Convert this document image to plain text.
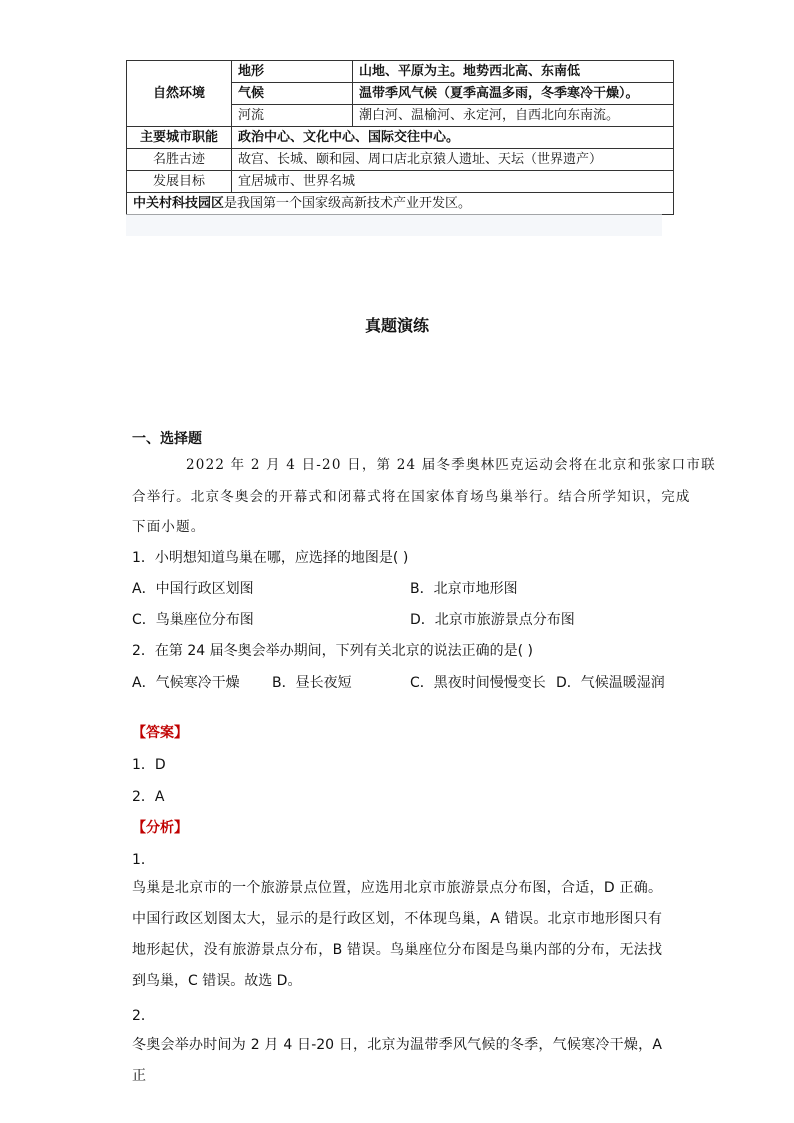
自然环境	地形	山地、平原为主。地势西北高、东南低
	气候	温带季风气候（夏季高温多雨，冬季寒冷干燥）。
	河流	潮白河、温榆河、永定河，自西北向东南流。
主要城市职能	政治中心、文化中心、国际交往中心。	
名胜古迹	故宫、长城、颐和园、周口店北京猿人遗址、天坛（世界遗产）	
发展目标	宜居城市、世界名城	
中关村科技园区是我国第一个国家级高新技术产业开发区。		
真题演练
一、选择题
2022 年 2 月 4 日-20 日，第 24 届冬季奥林匹克运动会将在北京和张家口市联
合举行。北京冬奥会的开幕式和闭幕式将在国家体育场鸟巢举行。结合所学知识，完成
下面小题。
1．小明想知道鸟巢在哪，应选择的地图是( )
A．中国行政区划图	B．北京市地形图
C．鸟巢座位分布图	D．北京市旅游景点分布图
2．在第 24 届冬奥会举办期间，下列有关北京的说法正确的是( )
A．气候寒冷干燥 B．昼长夜短	C．黑夜时间慢慢变长 D．气候温暖湿润
【答案】
1．D
2．A
【分析】
1．
鸟巢是北京市的一个旅游景点位置，应选用北京市旅游景点分布图，合适，D 正确。中国行政区划图太大，显示的是行政区划，不体现鸟巢，A 错误。北京市地形图只有地形起伏，没有旅游景点分布，B 错误。鸟巢座位分布图是鸟巢内部的分布，无法找到鸟巢，C 错误。故选 D。
2．
冬奥会举办时间为 2 月 4 日-20 日，北京为温带季风气候的冬季，气候寒冷干燥，A 正
